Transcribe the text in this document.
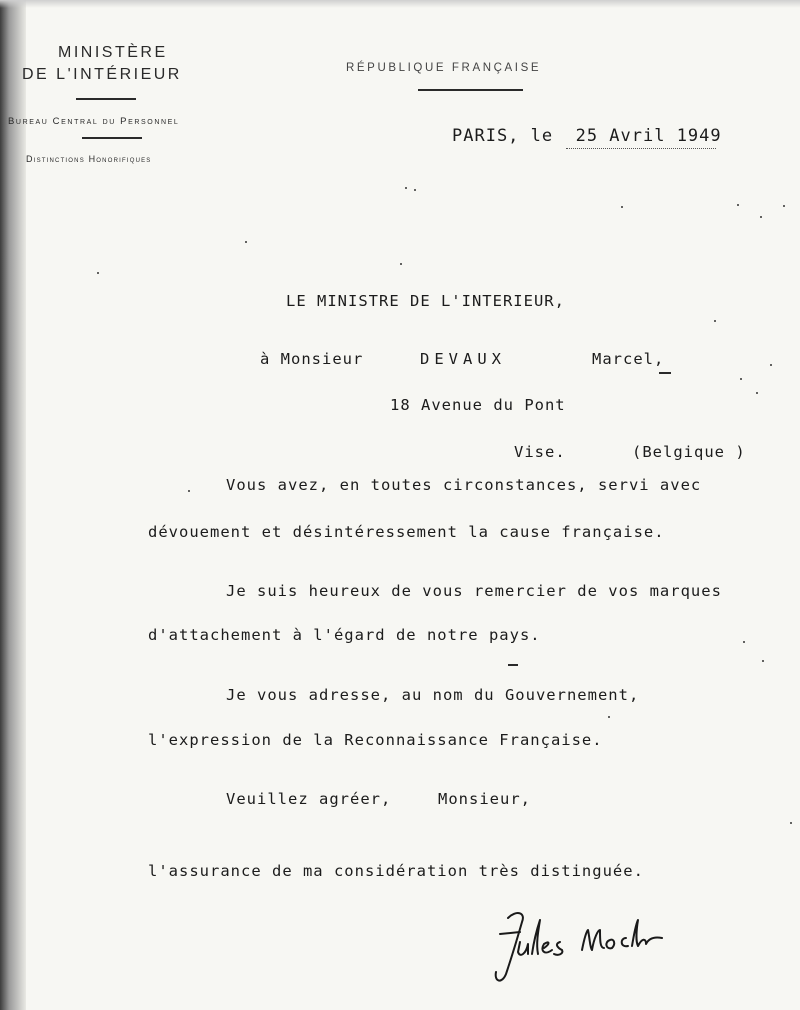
MINISTÈRE
DE L'INTÉRIEUR
Bureau Central du Personnel
Distinctions Honorifiques
RÉPUBLIQUE FRANÇAISE
PARIS, le  25 Avril 1949
LE MINISTRE DE L'INTERIEUR,
à Monsieur	DEVAUX	Marcel,
18 Avenue du Pont
Vise.	(Belgique )
Vous avez, en toutes circonstances, servi avec
dévouement et désintéressement la cause française.
Je suis heureux de vous remercier de vos marques
d'attachement à l'égard de notre pays.
Je vous adresse, au nom du Gouvernement,
l'expression de la Reconnaissance Française.
Veuillez agréer,	Monsieur,
l'assurance de ma considération très distinguée.
